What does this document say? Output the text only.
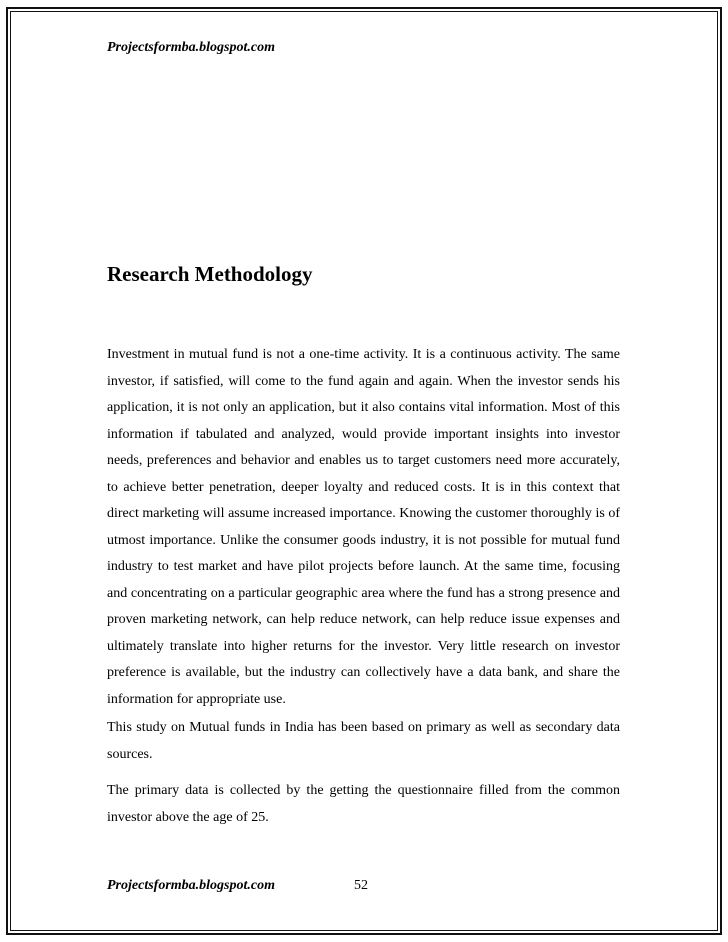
Projectsformba.blogspot.com

Research Methodology

Investment in mutual fund is not a one-time activity. It is a continuous activity. The same investor, if satisfied, will come to the fund again and again. When the investor sends his application, it is not only an application, but it also contains vital information. Most of this information if tabulated and analyzed, would provide important insights into investor needs, preferences and behavior and enables us to target customers need more accurately, to achieve better penetration, deeper loyalty and reduced costs. It is in this context that direct marketing will assume increased importance. Knowing the customer thoroughly is of utmost importance. Unlike the consumer goods industry, it is not possible for mutual fund industry to test market and have pilot projects before launch. At the same time, focusing and concentrating on a particular geographic area where the fund has a strong presence and proven marketing network, can help reduce network, can help reduce issue expenses and ultimately translate into higher returns for the investor. Very little research on investor preference is available, but the industry can collectively have a data bank, and share the information for appropriate use.

This study on Mutual funds in India has been based on primary as well as secondary data sources.

The primary data is collected by the getting the questionnaire filled from the common investor above the age of 25.

Projectsformba.blogspot.com	52
